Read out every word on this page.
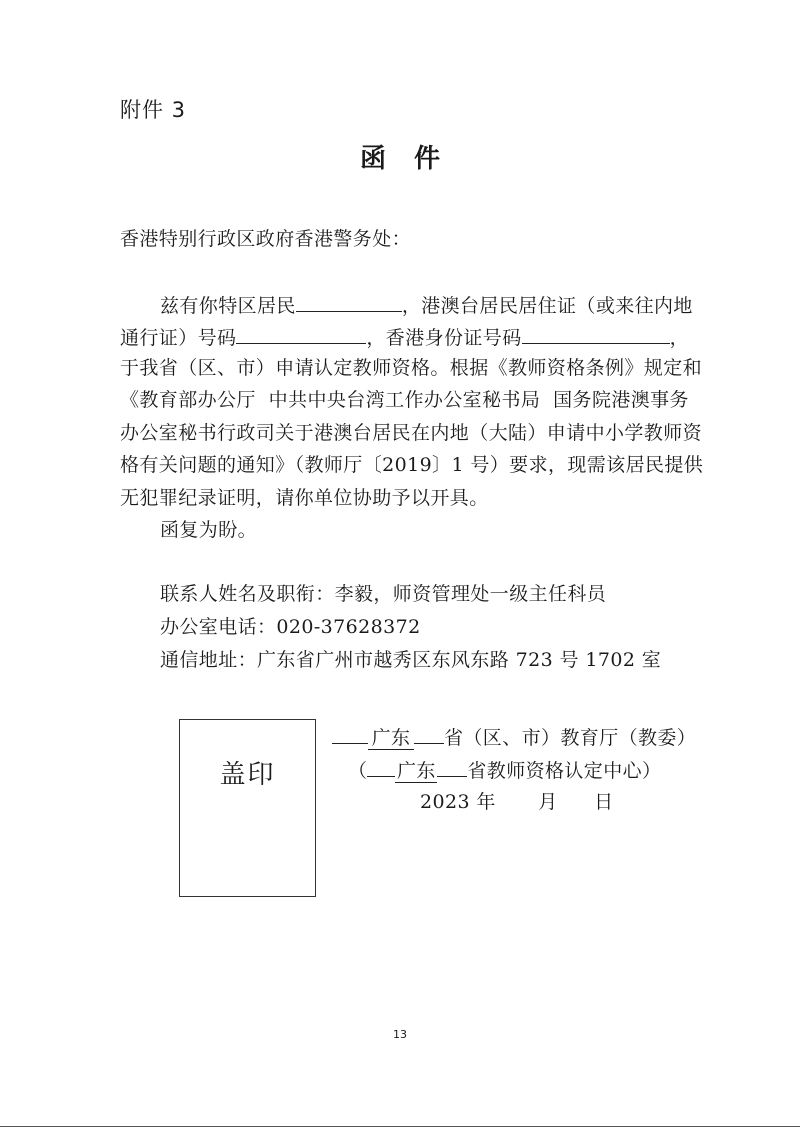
附件 3
函件
香港特别行政区政府香港警务处：
兹有你特区居民	，港澳台居民居住证（或来往内地
通行证）号码	，香港身份证号码	，
于我省（区、市）申请认定教师资格。根据《教师资格条例》规定和
《教育部办公厅  中共中央台湾工作办公室秘书局  国务院港澳事务
办公室秘书行政司关于港澳台居民在内地（大陆）申请中小学教师资
格有关问题的通知》（教师厅〔2019〕1 号）要求，现需该居民提供
无犯罪纪录证明，请你单位协助予以开具。
函复为盼。
联系人姓名及职衔：李毅，师资管理处一级主任科员
办公室电话：020-37628372
通信地址：广东省广州市越秀区东风东路 723 号 1702 室
盖印
广东 省（区、市）教育厅（教委）
（ 广东 省教师资格认定中心）
2023 年 月 日
13
